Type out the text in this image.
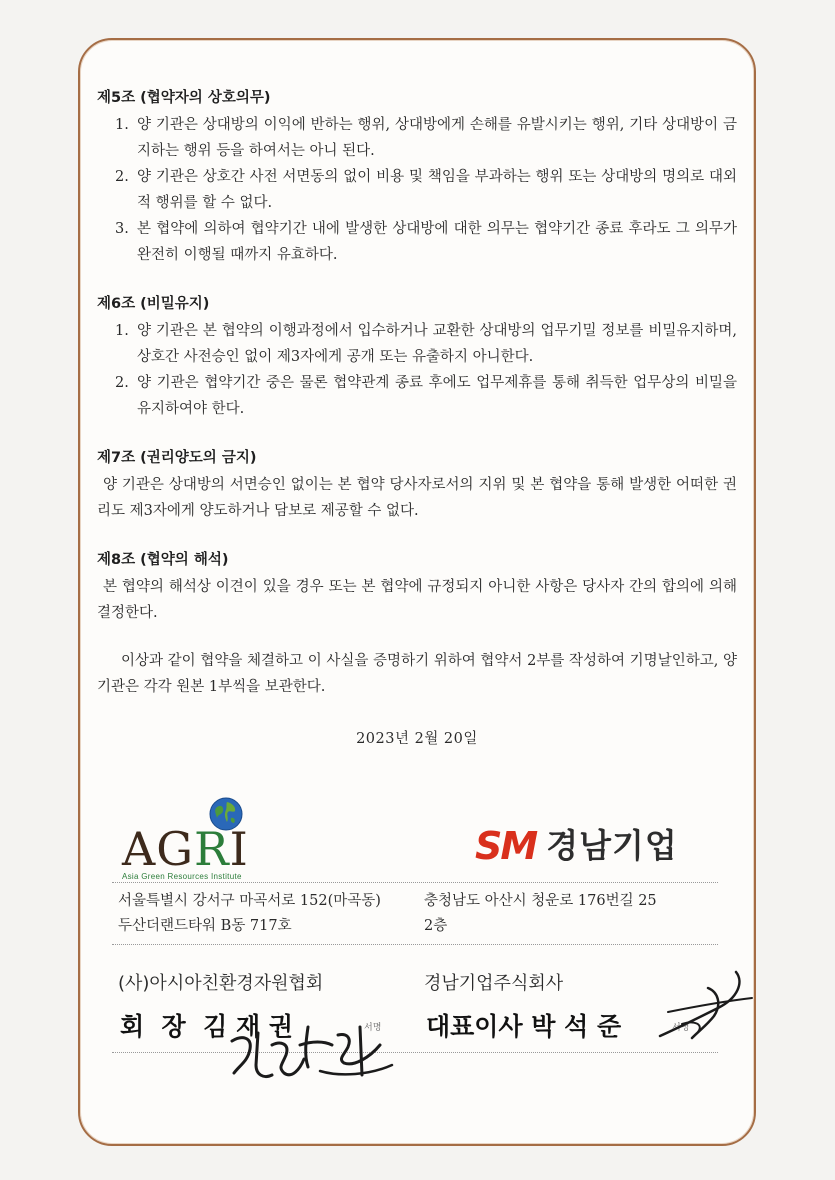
제5조 (협약자의 상호의무)
1. 양 기관은 상대방의 이익에 반하는 행위, 상대방에게 손해를 유발시키는 행위, 기타 상대방이 금지하는 행위 등을 하여서는 아니 된다.
2. 양 기관은 상호간 사전 서면동의 없이 비용 및 책임을 부과하는 행위 또는 상대방의 명의로 대외적 행위를 할 수 없다.
3. 본 협약에 의하여 협약기간 내에 발생한 상대방에 대한 의무는 협약기간 종료 후라도 그 의무가 완전히 이행될 때까지 유효하다.
제6조 (비밀유지)
1. 양 기관은 본 협약의 이행과정에서 입수하거나 교환한 상대방의 업무기밀 정보를 비밀유지하며, 상호간 사전승인 없이 제3자에게 공개 또는 유출하지 아니한다.
2. 양 기관은 협약기간 중은 물론 협약관계 종료 후에도 업무제휴를 통해 취득한 업무상의 비밀을 유지하여야 한다.
제7조 (권리양도의 금지)
양 기관은 상대방의 서면승인 없이는 본 협약 당사자로서의 지위 및 본 협약을 통해 발생한 어떠한 권리도 제3자에게 양도하거나 담보로 제공할 수 없다.
제8조 (협약의 해석)
본 협약의 해석상 이견이 있을 경우 또는 본 협약에 규정되지 아니한 사항은 당사자 간의 합의에 의해 결정한다.
이상과 같이 협약을 체결하고 이 사실을 증명하기 위하여 협약서 2부를 작성하여 기명날인하고, 양 기관은 각각 원본 1부씩을 보관한다.
2023년 2월 20일
AGRI
Asia Green Resources Institute
SM 경남기업
서울특별시 강서구 마곡서로 152(마곡동)
두산더랜드타워 B동 717호
충청남도 아산시 청운로 176번길 25
2층
(사)아시아친환경자원협회	경남기업주식회사
회  장  김 재 권	서명 대표이사 박 석 준	서명
